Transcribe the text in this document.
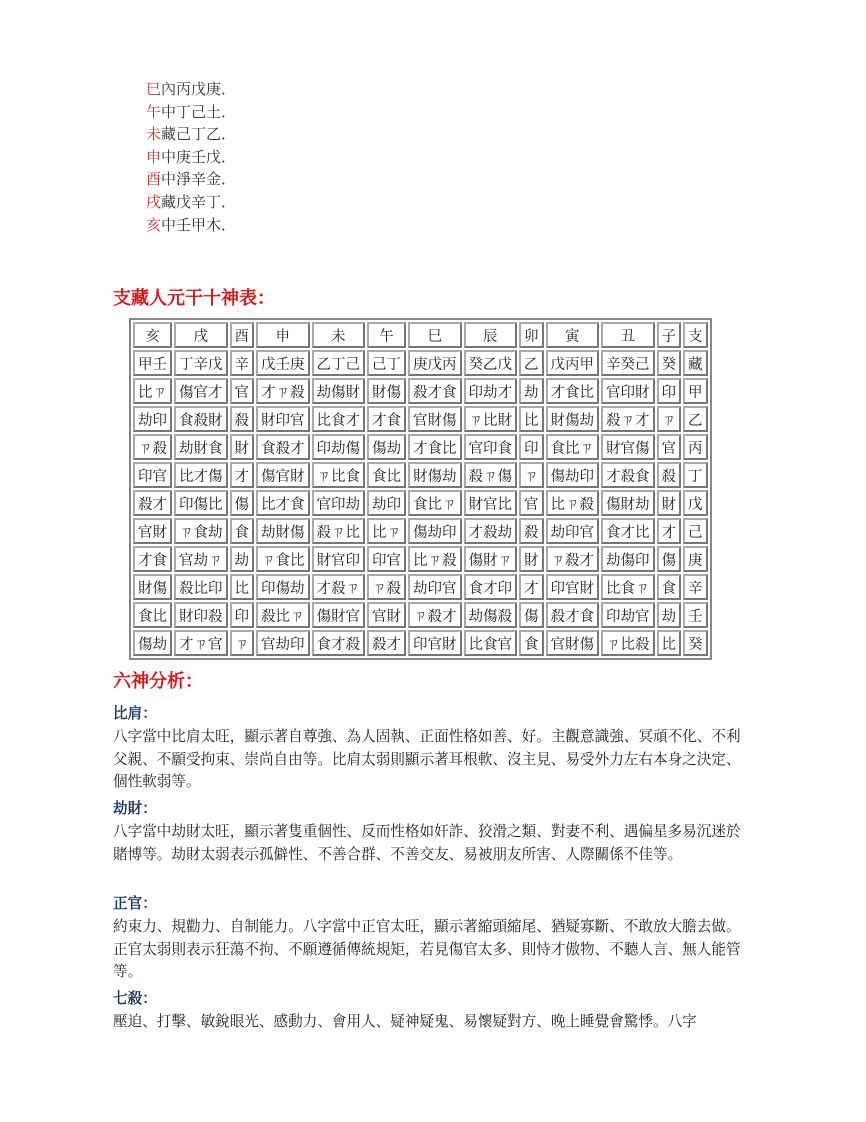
巳內丙戊庚．
午中丁己土．
未藏己丁乙．
申中庚壬戊．
酉中淨辛金．
戌藏戊辛丁．
亥中壬甲木．
支藏人元干十神表：
亥	戌	酉	申	未	午	巳	辰	卯	寅	丑	子	支
甲壬	丁辛戊	辛	戊壬庚	乙丁己	己丁	庚戊丙	癸乙戊	乙	戊丙甲	辛癸己	癸	藏
比ㄗ	傷官才	官	才ㄗ殺	劫傷財	財傷	殺才食	印劫才	劫	才食比	官印財	印	甲
劫印	食殺財	殺	財印官	比食才	才食	官財傷	ㄗ比財	比	財傷劫	殺ㄗ才	ㄗ	乙
ㄗ殺	劫財食	財	食殺才	印劫傷	傷劫	才食比	官印食	印	食比ㄗ	財官傷	官	丙
印官	比才傷	才	傷官財	ㄗ比食	食比	財傷劫	殺ㄗ傷	ㄗ	傷劫印	才殺食	殺	丁
殺才	印傷比	傷	比才食	官印劫	劫印	食比ㄗ	財官比	官	比ㄗ殺	傷財劫	財	戊
官財	ㄗ食劫	食	劫財傷	殺ㄗ比	比ㄗ	傷劫印	才殺劫	殺	劫印官	食才比	才	己
才食	官劫ㄗ	劫	ㄗ食比	財官印	印官	比ㄗ殺	傷財ㄗ	財	ㄗ殺才	劫傷印	傷	庚
財傷	殺比印	比	印傷劫	才殺ㄗ	ㄗ殺	劫印官	食才印	才	印官財	比食ㄗ	食	辛
食比	財印殺	印	殺比ㄗ	傷財官	官財	ㄗ殺才	劫傷殺	傷	殺才食	印劫官	劫	壬
傷劫	才ㄗ官	ㄗ	官劫印	食才殺	殺才	印官財	比食官	食	官財傷	ㄗ比殺	比	癸
六神分析：
比肩：

八字當中比肩太旺，顯示著自尊強、為人固執、正面性格如善、好。主觀意識強、冥頑不化、不利父親、不願受拘束、崇尚自由等。比肩太弱則顯示著耳根軟、沒主見、易受外力左右本身之決定、個性軟弱等。

劫財：

八字當中劫財太旺，顯示著隻重個性、反而性格如奸詐、狡滑之類、對妻不利、遇偏星多易沉迷於賭博等。劫財太弱表示孤僻性、不善合群、不善交友、易被朋友所害、人際關係不佳等。

正官：

約束力、規勸力、自制能力。八字當中正官太旺，顯示著縮頭縮尾、猶疑寡斷、不敢放大膽去做。正官太弱則表示狂蕩不拘、不願遵循傳統規矩，若見傷官太多、則恃才傲物、不聽人言、無人能管等。

七殺：

壓迫、打擊、敏銳眼光、感動力、會用人、疑神疑鬼、易懷疑對方、晚上睡覺會驚悸。八字
